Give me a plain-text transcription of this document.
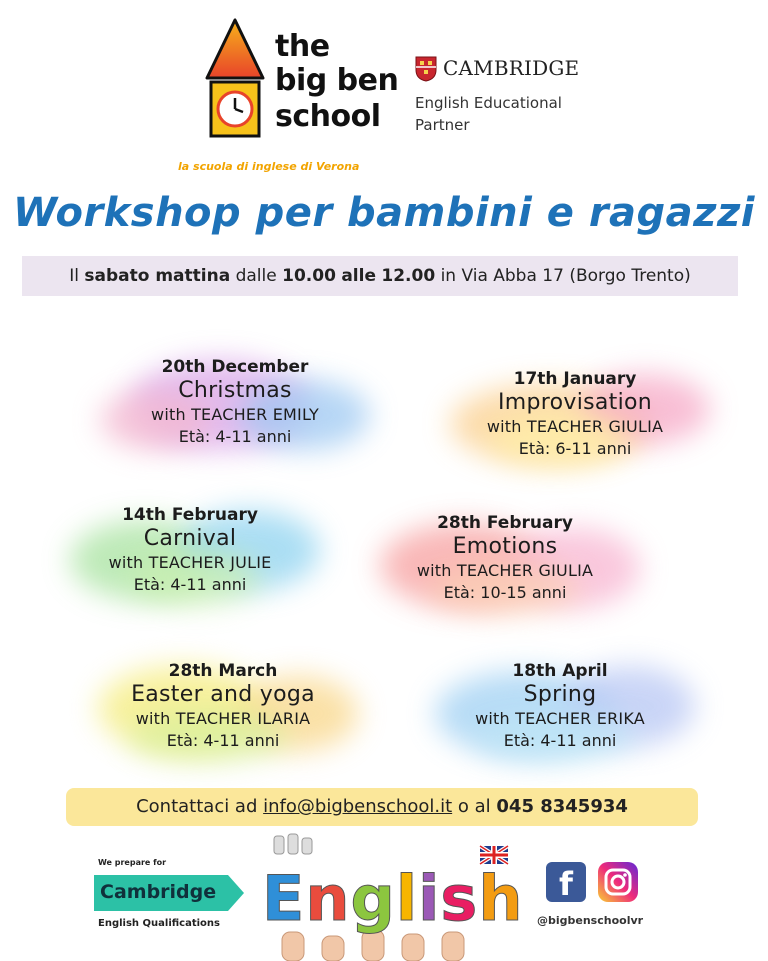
the
big ben
school
la scuola di inglese di Verona
CAMBRIDGE
English Educational
Partner
Workshop per bambini e ragazzi
Il sabato mattina dalle 10.00 alle 12.00 in Via Abba 17 (Borgo Trento)
20th December
Christmas
with TEACHER EMILY
Età: 4-11 anni
17th January
Improvisation
with TEACHER GIULIA
Età: 6-11 anni
14th February
Carnival
with TEACHER JULIE
Età: 4-11 anni
28th February
Emotions
with TEACHER GIULIA
Età: 10-15 anni
28th March
Easter and yoga
with TEACHER ILARIA
Età: 4-11 anni
18th April
Spring
with TEACHER ERIKA
Età: 4-11 anni
Contattaci ad info@bigbenschool.it o al 045 8345934
We prepare for
Cambridge
English Qualifications English	f
@bigbenschoolvr
